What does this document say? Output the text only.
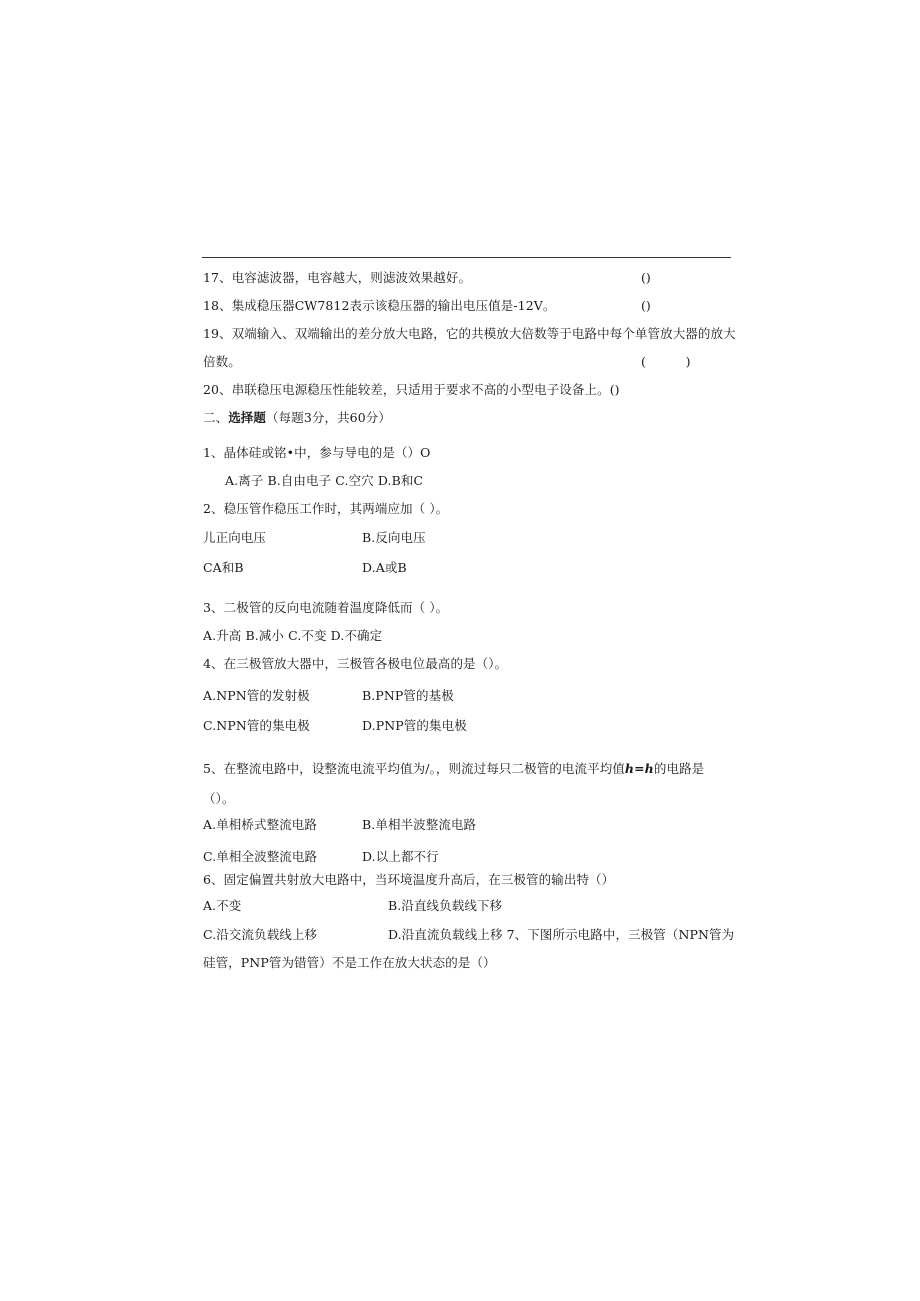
17、电容滤波器，电容越大，则滤波效果越好。	()
18、集成稳压器CW7812表示该稳压器的输出电压值是-12V。	()
19、双端输入、双端输出的差分放大电路，它的共模放大倍数等于电路中每个单管放大器的放大
倍数。	(          )
20、串联稳压电源稳压性能较差，只适用于要求不高的小型电子设备上。()
二、选择题（每题3分，共60分）
1、晶体硅或铭•中，参与导电的是（）O
A.离子 B.自由电子 C.空穴 D.B和C
2、稳压管作稳压工作时，其两端应加（ ）。
儿正向电压	B.反向电压
CA和B	D.A或B
3、二极管的反向电流随着温度降低而（ ）。
A.升高 B.减小 C.不变 D.不确定
4、在三极管放大器中，三极管各极电位最高的是（）。
A.NPN管的发射极	B.PNP管的基极
C.NPN管的集电极	D.PNP管的集电极
5、在整流电路中，设整流电流平均值为/。，则流过每只二极管的电流平均值h=h的电路是
（）。
A.单相桥式整流电路	B.单相半波整流电路
C.单相全波整流电路	D.以上都不行
6、固定偏置共射放大电路中，当环境温度升高后，在三极管的输出特（）
A.不变	B.沿直线负载线下移
C.沿交流负载线上移	D.沿直流负载线上移 7、下图所示电路中，三极管（NPN管为
硅管，PNP管为错管）不是工作在放大状态的是（）
